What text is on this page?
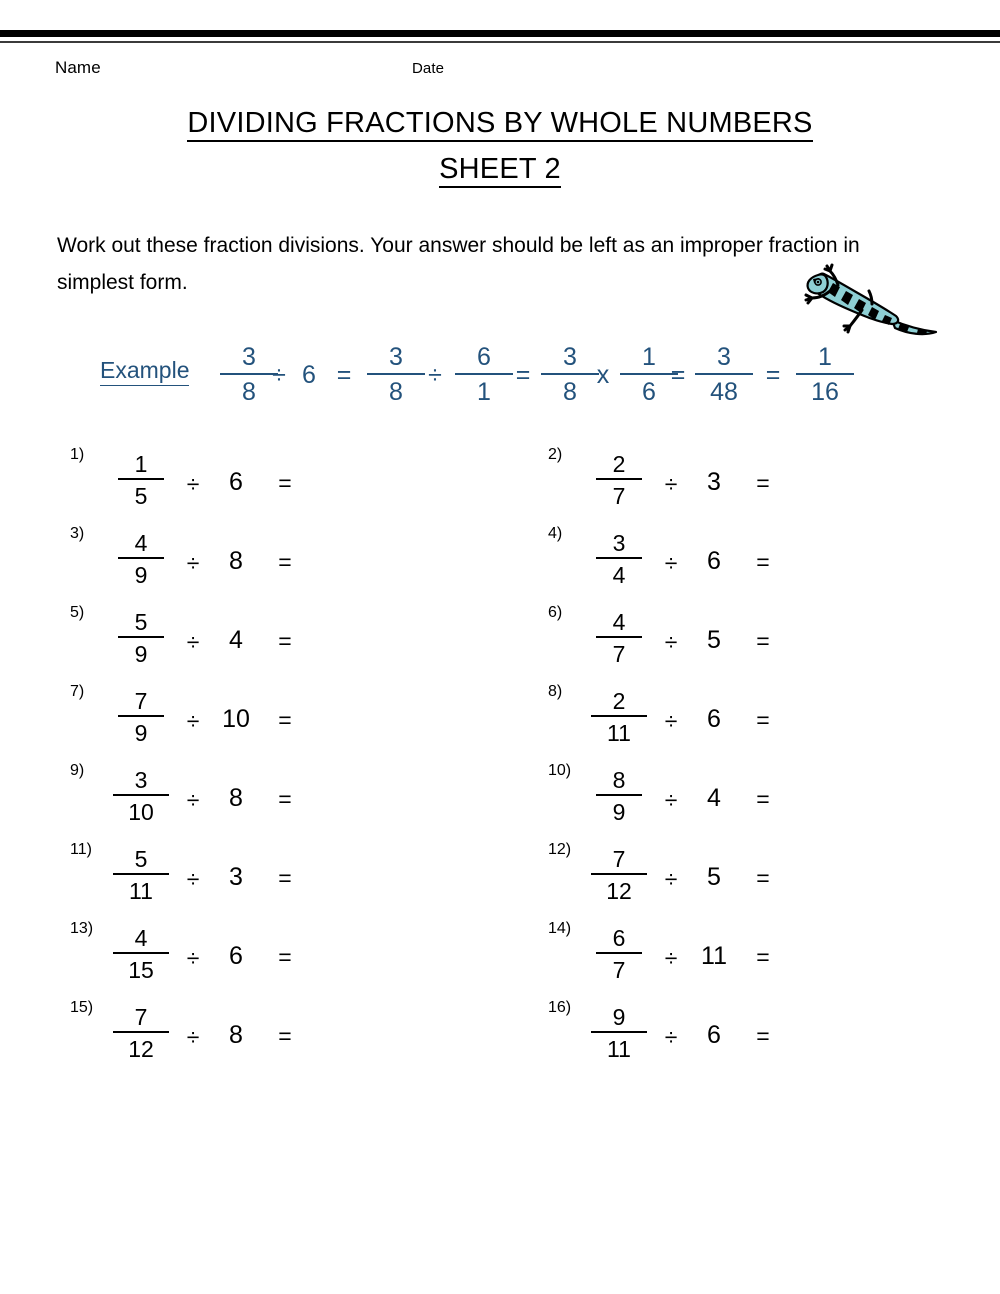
Name	Date
DIVIDING FRACTIONS BY WHOLE NUMBERS
SHEET 2
Work out these fraction divisions. Your answer should be left as an improper fraction in simplest form.
Example	3
8
÷ 6 =
3
8
÷
6
1
=
3
8
x
1
6
=
3
48
=
1
16
1)	1
5	÷	6	=
2)	2
7	÷	3	=
3)	4
9	÷	8	=
4)	3
4	÷	6	=
5)	5
9	÷	4	=
6)	4
7	÷	5	=
7)	7
9	÷ 10 =
8)	2
11	÷	6	=
9)	3
10	÷	8	=
10)	8
9	÷	4	=
11)	5
11	÷	3	=
12)	7
12	÷	5	=
13)	4
15	÷	6	=
14)	6
7	÷ 11	=
15)	7
12	÷	8	=
16)	9
11	÷	6	=
